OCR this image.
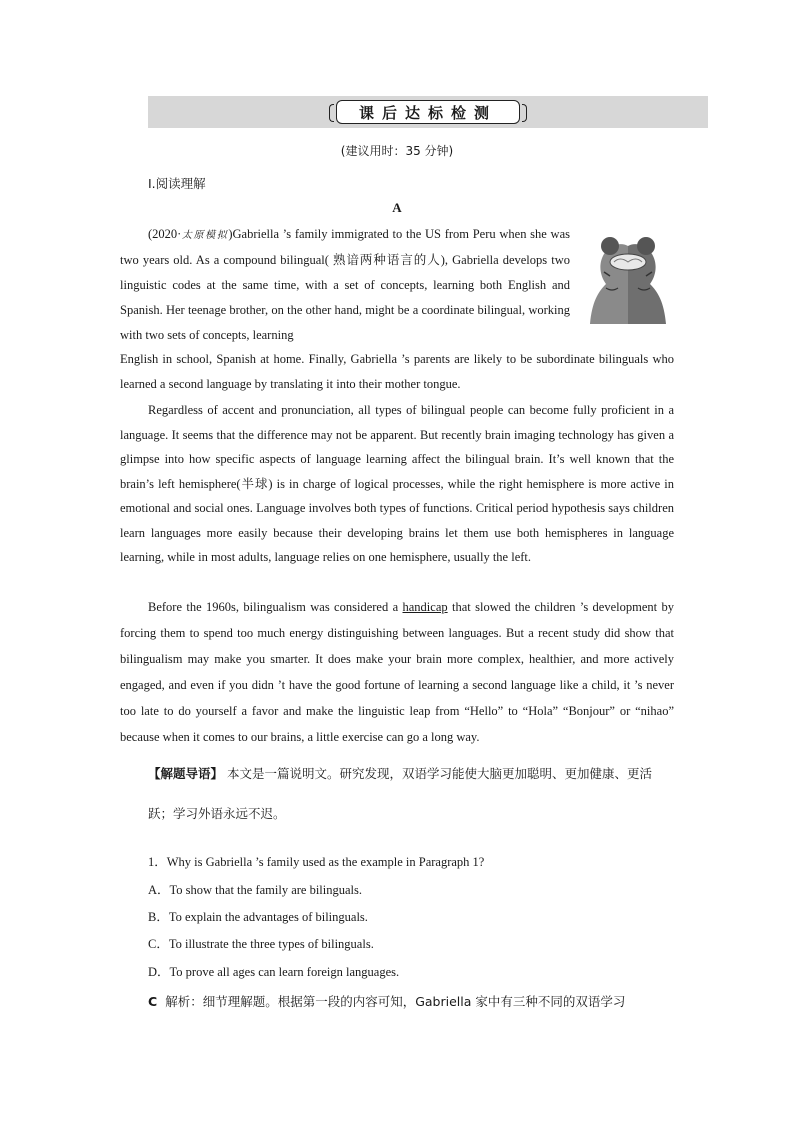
课后达标检测
(建议用时：35 分钟)
Ⅰ.阅读理解
A

(2020·太原模拟)Gabriella ’s family immigrated to the US from Peru when she was two years old. As a compound bilingual( 熟谙两种语言的人), Gabriella develops two linguistic codes at the same time, with a set of concepts, learning both English and Spanish. Her teenage brother, on the other hand, might be a coordinate bilingual, working with two sets of concepts, learning

English in school, Spanish at home. Finally, Gabriella ’s parents are likely to be subordinate bilinguals who learned a second language by translating it into their mother tongue.

Regardless of accent and pronunciation, all types of bilingual people can become fully proficient in a language. It seems that the difference may not be apparent. But recently brain imaging technology has given a glimpse into how specific aspects of language learning affect the bilingual brain. It’s well known that the brain’s left hemisphere(半球) is in charge of logical processes, while the right hemisphere is more active in emotional and social ones. Language involves both types of functions. Critical period hypothesis says children learn languages more easily because their developing brains let them use both hemispheres in language learning, while in most adults, language relies on one hemisphere, usually the left.

Before the 1960s, bilingualism was considered a handicap that slowed the children ’s development by forcing them to spend too much energy distinguishing between languages. But a recent study did show that bilingualism may make you smarter. It does make your brain more complex, healthier, and more actively engaged, and even if you didn ’t have the good fortune of learning a second language like a child, it ’s never too late to do yourself a favor and make the linguistic leap from “Hello” to “Hola” “Bonjour” or “nihao” because when it comes to our brains, a little exercise can go a long way.

【解题导语】 本文是一篇说明文。研究发现，双语学习能使大脑更加聪明、更加健康、更活跃；学习外语永远不迟。
1．Why is Gabriella ’s family used as the example in Paragraph 1?
A．To show that the family are bilinguals.
B．To explain the advantages of bilinguals.
C．To illustrate the three types of bilinguals.
D．To prove all ages can learn foreign languages.
C 解析：细节理解题。根据第一段的内容可知，Gabriella 家中有三种不同的双语学习
